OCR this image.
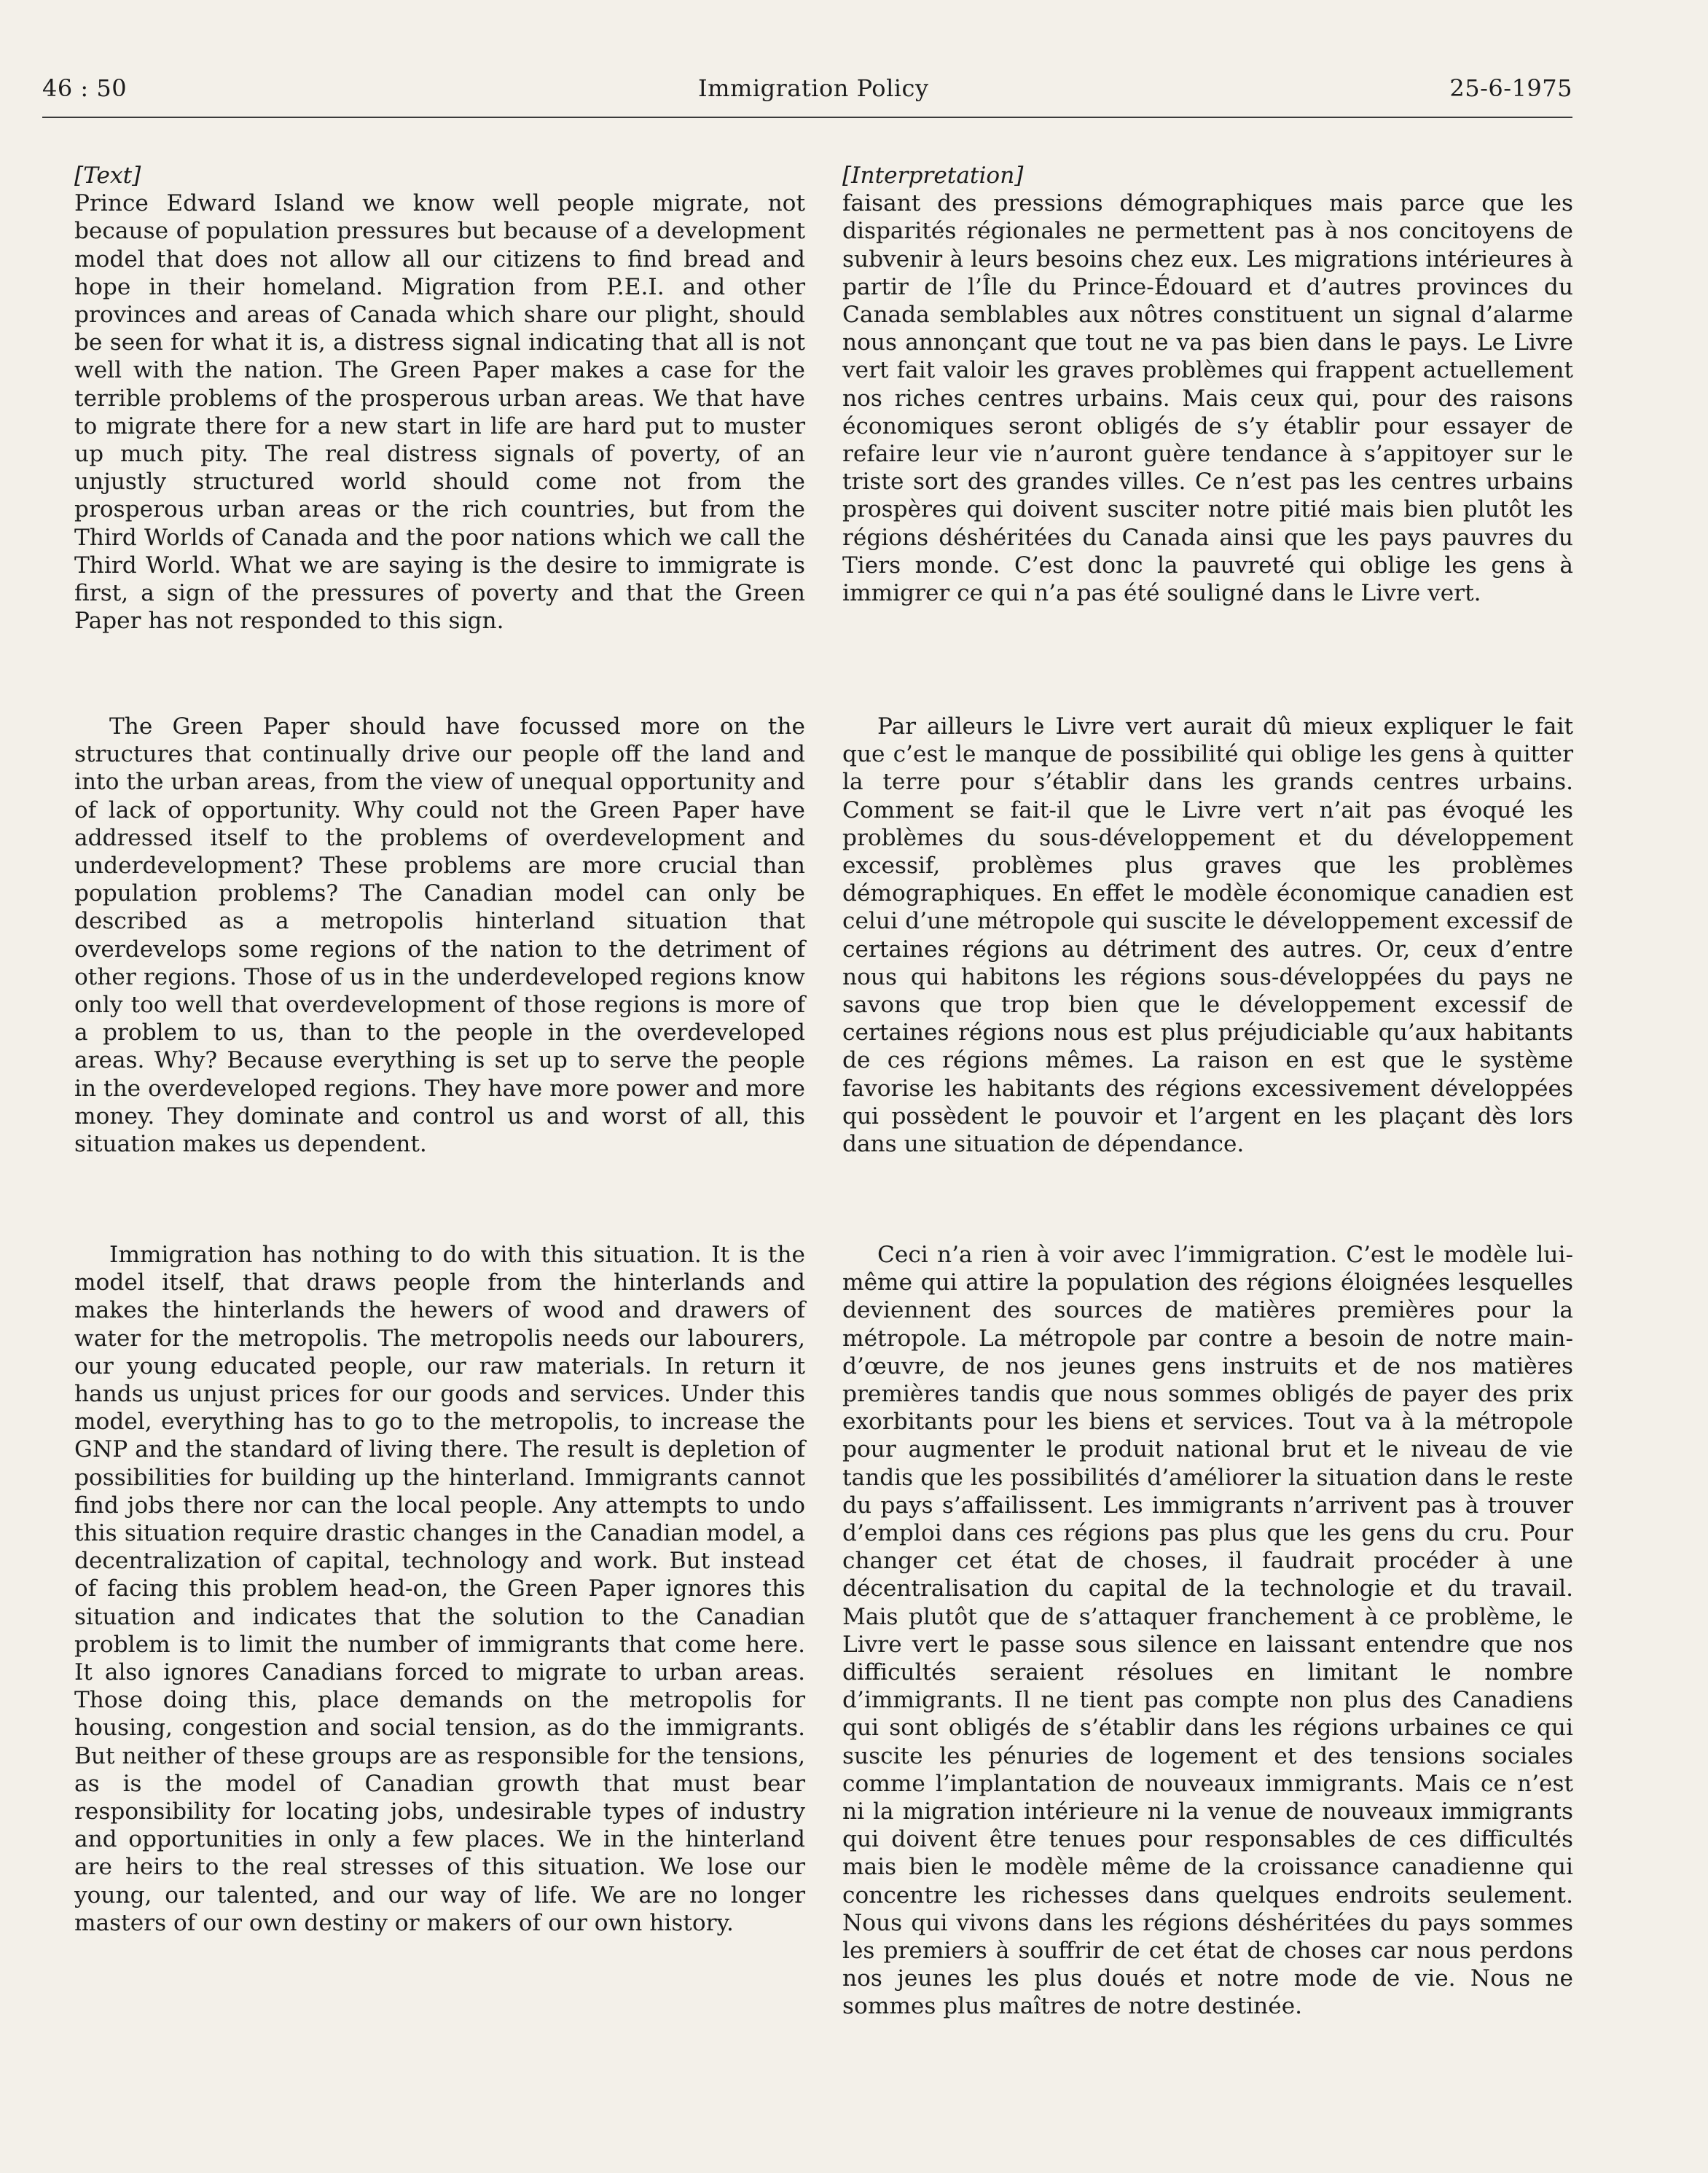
46 : 50	Immigration Policy	25-6-1975

[Text]

Prince Edward Island we know well people migrate, not because of population pressures but because of a development model that does not allow all our citizens to find bread and hope in their homeland. Migration from P.E.I. and other provinces and areas of Canada which share our plight, should be seen for what it is, a distress signal indicating that all is not well with the nation. The Green Paper makes a case for the terrible problems of the prosperous urban areas. We that have to migrate there for a new start in life are hard put to muster up much pity. The real distress signals of poverty, of an unjustly structured world should come not from the prosperous urban areas or the rich countries, but from the Third Worlds of Canada and the poor nations which we call the Third World. What we are saying is the desire to immigrate is first, a sign of the pressures of poverty and that the Green Paper has not responded to this sign.

[Interpretation]

faisant des pressions démographiques mais parce que les disparités régionales ne permettent pas à nos concitoyens de subvenir à leurs besoins chez eux. Les migrations intérieures à partir de l’Île du Prince-Édouard et d’autres provinces du Canada semblables aux nôtres constituent un signal d’alarme nous annonçant que tout ne va pas bien dans le pays. Le Livre vert fait valoir les graves problèmes qui frappent actuellement nos riches centres urbains. Mais ceux qui, pour des raisons économiques seront obligés de s’y établir pour essayer de refaire leur vie n’auront guère tendance à s’appitoyer sur le triste sort des grandes villes. Ce n’est pas les centres urbains prospères qui doivent susciter notre pitié mais bien plutôt les régions déshéritées du Canada ainsi que les pays pauvres du Tiers monde. C’est donc la pauvreté qui oblige les gens à immigrer ce qui n’a pas été souligné dans le Livre vert.

The Green Paper should have focussed more on the structures that continually drive our people off the land and into the urban areas, from the view of unequal opportunity and of lack of opportunity. Why could not the Green Paper have addressed itself to the problems of overdevelopment and underdevelopment? These problems are more crucial than population problems? The Canadian model can only be described as a metropolis hinterland situation that overdevelops some regions of the nation to the detriment of other regions. Those of us in the underdeveloped regions know only too well that overdevelopment of those regions is more of a problem to us, than to the people in the overdeveloped areas. Why? Because everything is set up to serve the people in the overdeveloped regions. They have more power and more money. They dominate and control us and worst of all, this situation makes us dependent.

Par ailleurs le Livre vert aurait dû mieux expliquer le fait que c’est le manque de possibilité qui oblige les gens à quitter la terre pour s’établir dans les grands centres urbains. Comment se fait-il que le Livre vert n’ait pas évoqué les problèmes du sous-développement et du développement excessif, problèmes plus graves que les problèmes démographiques. En effet le modèle économique canadien est celui d’une métropole qui suscite le développement excessif de certaines régions au détriment des autres. Or, ceux d’entre nous qui habitons les régions sous-développées du pays ne savons que trop bien que le développement excessif de certaines régions nous est plus préjudiciable qu’aux habitants de ces régions mêmes. La raison en est que le système favorise les habitants des régions excessivement développées qui possèdent le pouvoir et l’argent en les plaçant dès lors dans une situation de dépendance.

Immigration has nothing to do with this situation. It is the model itself, that draws people from the hinterlands and makes the hinterlands the hewers of wood and drawers of water for the metropolis. The metropolis needs our labourers, our young educated people, our raw materials. In return it hands us unjust prices for our goods and services. Under this model, everything has to go to the metropolis, to increase the GNP and the standard of living there. The result is depletion of possibilities for building up the hinterland. Immigrants cannot find jobs there nor can the local people. Any attempts to undo this situation require drastic changes in the Canadian model, a decentralization of capital, technology and work. But instead of facing this problem head-on, the Green Paper ignores this situation and indicates that the solution to the Canadian problem is to limit the number of immigrants that come here. It also ignores Canadians forced to migrate to urban areas. Those doing this, place demands on the metropolis for housing, congestion and social tension, as do the immigrants. But neither of these groups are as responsible for the tensions, as is the model of Canadian growth that must bear responsibility for locating jobs, undesirable types of industry and opportunities in only a few places. We in the hinterland are heirs to the real stresses of this situation. We lose our young, our talented, and our way of life. We are no longer masters of our own destiny or makers of our own history.

Ceci n’a rien à voir avec l’immigration. C’est le modèle lui-même qui attire la population des régions éloignées lesquelles deviennent des sources de matières premières pour la métropole. La métropole par contre a besoin de notre main-d’œuvre, de nos jeunes gens instruits et de nos matières premières tandis que nous sommes obligés de payer des prix exorbitants pour les biens et services. Tout va à la métropole pour augmenter le produit national brut et le niveau de vie tandis que les possibilités d’améliorer la situation dans le reste du pays s’affailissent. Les immigrants n’arrivent pas à trouver d’emploi dans ces régions pas plus que les gens du cru. Pour changer cet état de choses, il faudrait procéder à une décentralisation du capital de la technologie et du travail. Mais plutôt que de s’attaquer franchement à ce problème, le Livre vert le passe sous silence en laissant entendre que nos difficultés seraient résolues en limitant le nombre d’immigrants. Il ne tient pas compte non plus des Canadiens qui sont obligés de s’établir dans les régions urbaines ce qui suscite les pénuries de logement et des tensions sociales comme l’implantation de nouveaux immigrants. Mais ce n’est ni la migration intérieure ni la venue de nouveaux immigrants qui doivent être tenues pour responsables de ces difficultés mais bien le modèle même de la croissance canadienne qui concentre les richesses dans quelques endroits seulement. Nous qui vivons dans les régions déshéritées du pays sommes les premiers à souffrir de cet état de choses car nous perdons nos jeunes les plus doués et notre mode de vie. Nous ne sommes plus maîtres de notre destinée.
